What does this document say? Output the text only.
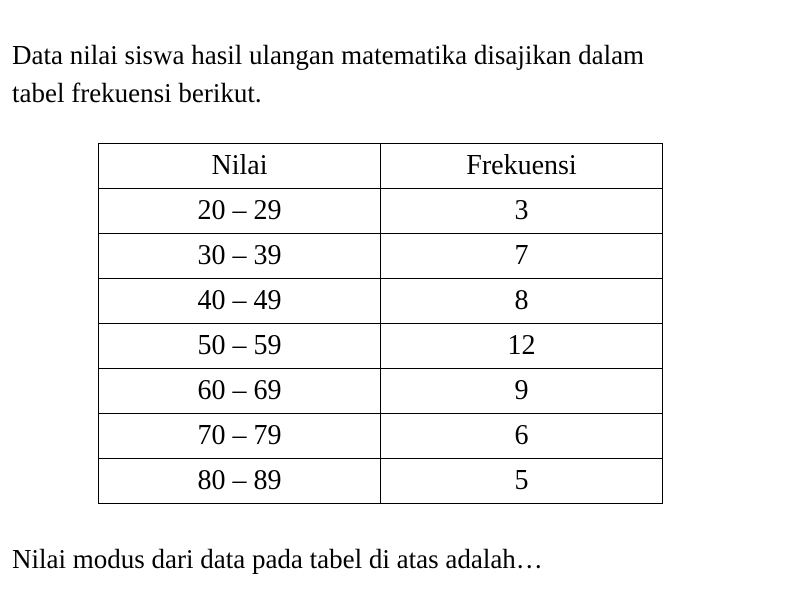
Data nilai siswa hasil ulangan matematika disajikan dalam
tabel frekuensi berikut.

Nilai	Frekuensi
20 – 29	3
30 – 39	7
40 – 49	8
50 – 59	12
60 – 69	9
70 – 79	6
80 – 89	5

Nilai modus dari data pada tabel di atas adalah…
